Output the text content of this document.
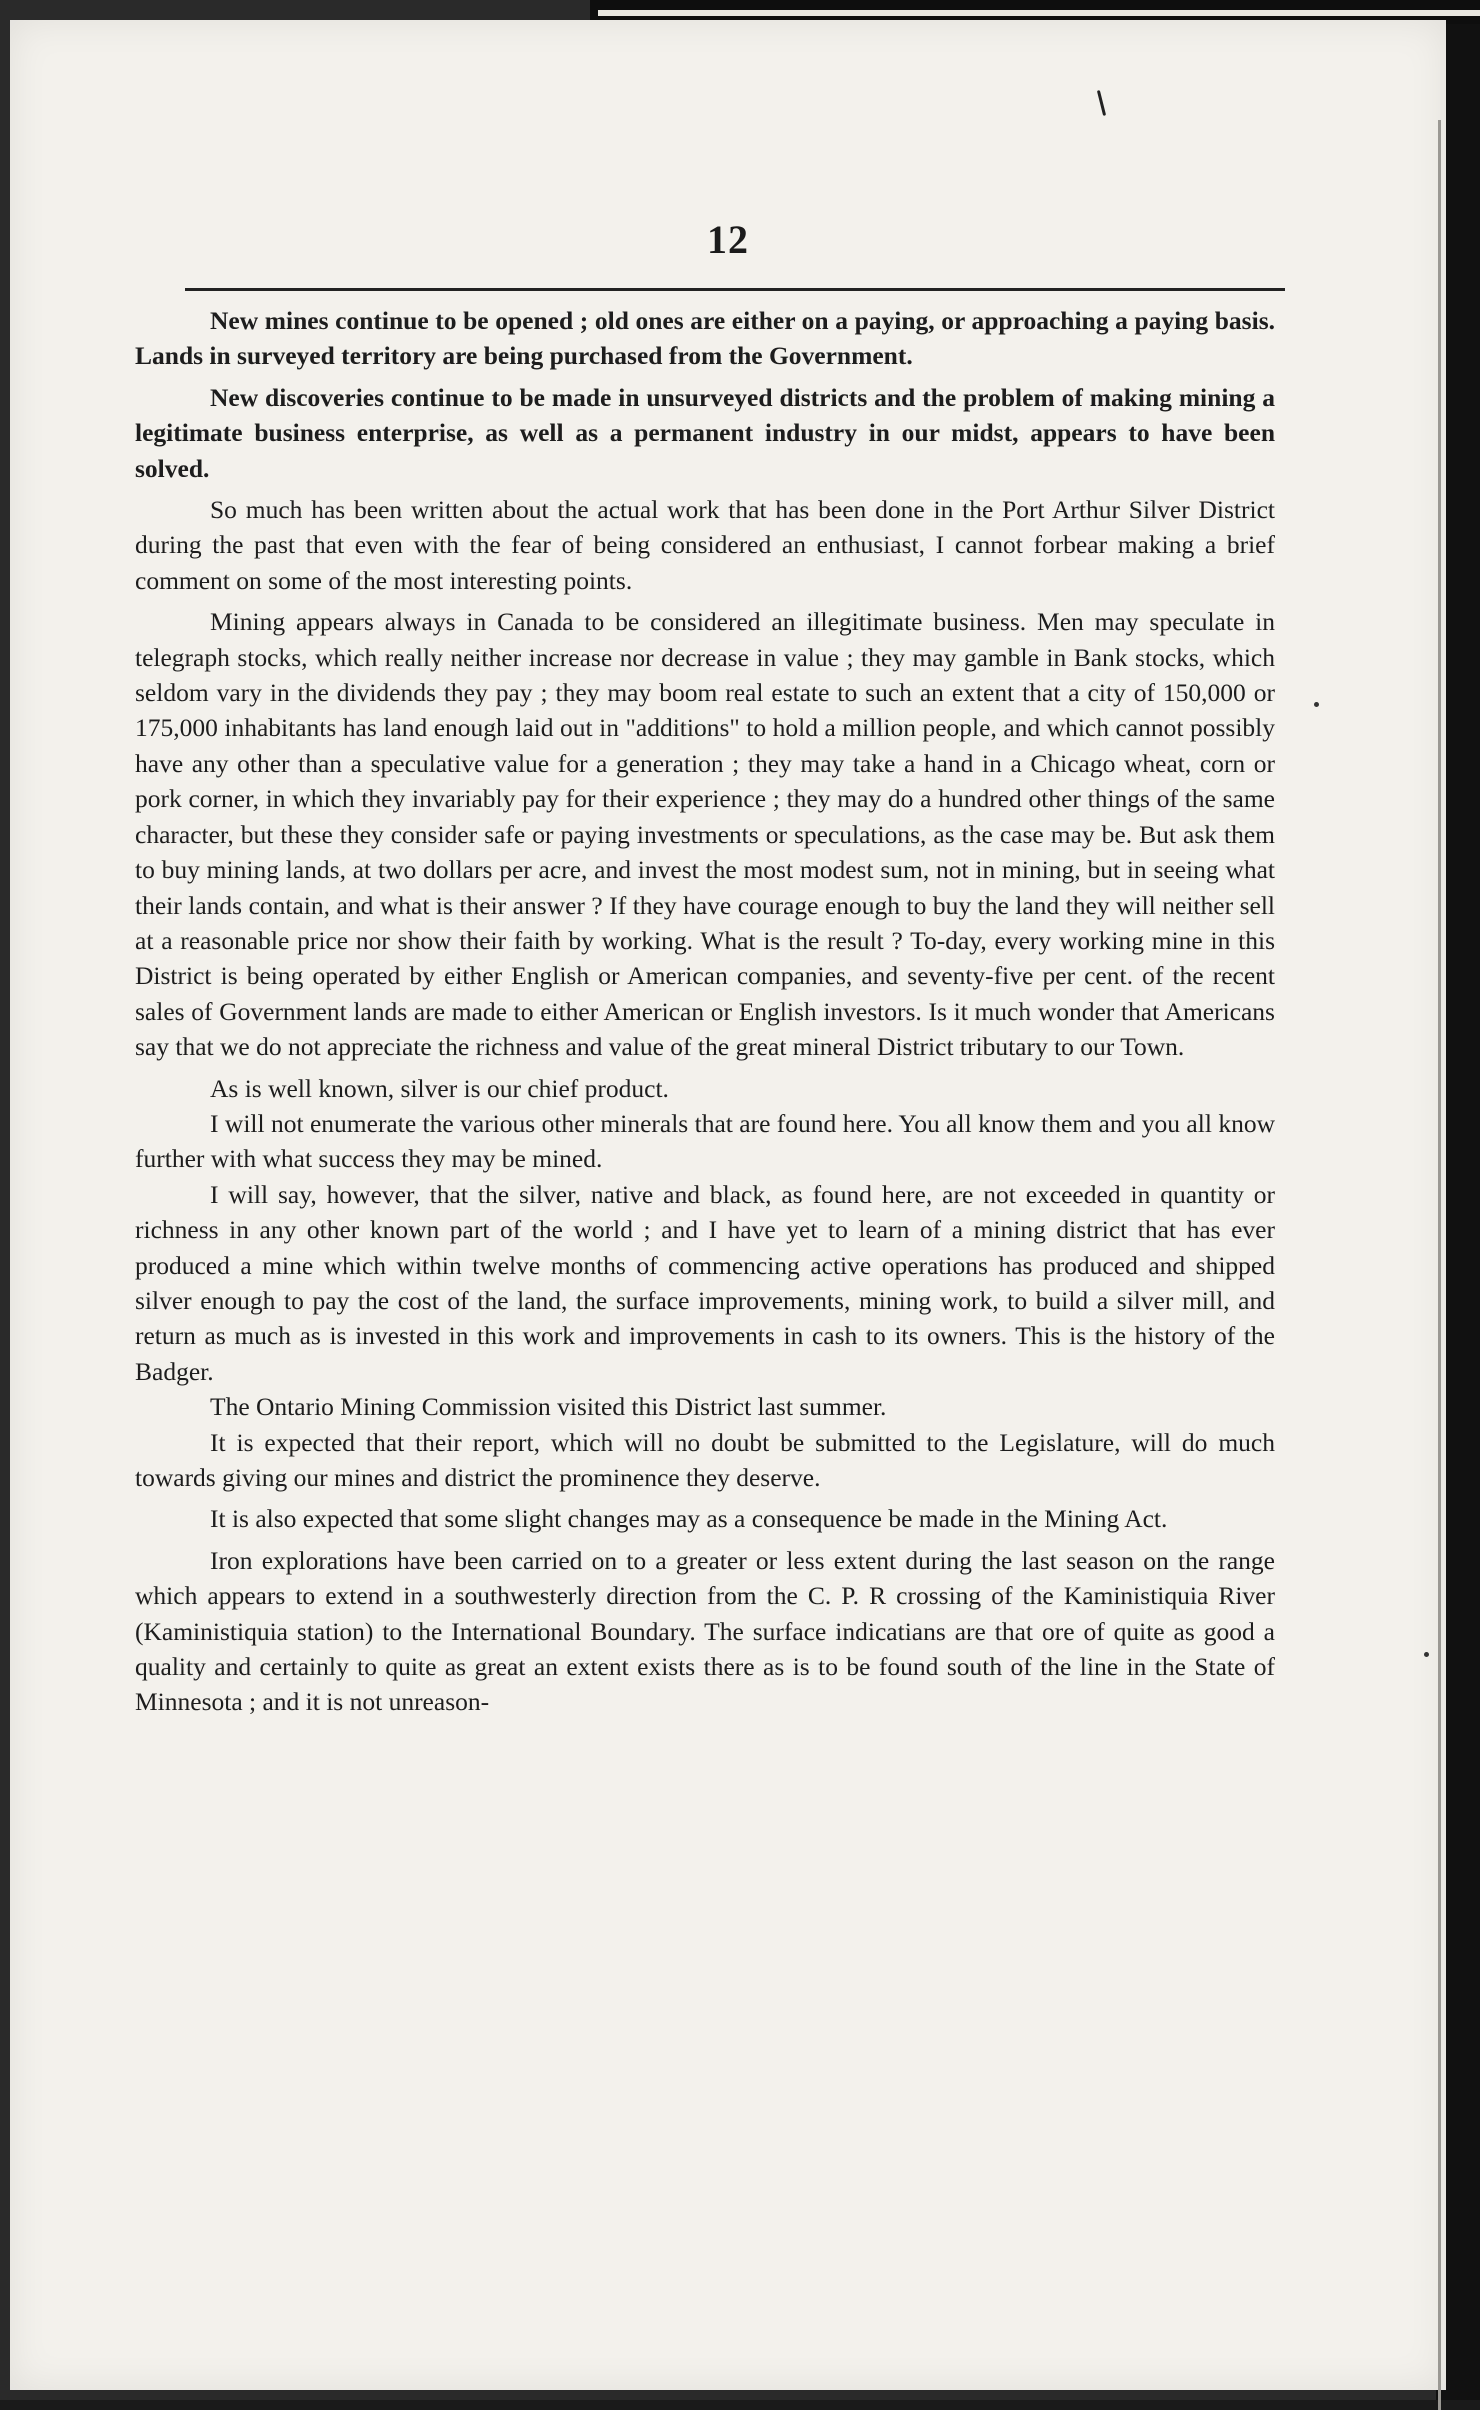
12

New mines continue to be opened ; old ones are either on a paying, or approaching a paying basis. Lands in surveyed territory are being purchased from the Government.

New discoveries continue to be made in unsurveyed districts and the problem of making mining a legitimate business enterprise, as well as a permanent industry in our midst, appears to have been solved.

So much has been written about the actual work that has been done in the Port Arthur Silver District during the past that even with the fear of being considered an enthusiast, I cannot forbear making a brief comment on some of the most interesting points.

Mining appears always in Canada to be considered an illegitimate business. Men may speculate in telegraph stocks, which really neither increase nor decrease in value ; they may gamble in Bank stocks, which seldom vary in the dividends they pay ; they may boom real estate to such an extent that a city of 150,000 or 175,000 inhabitants has land enough laid out in "additions" to hold a million people, and which cannot possibly have any other than a speculative value for a generation ; they may take a hand in a Chicago wheat, corn or pork corner, in which they invariably pay for their experience ; they may do a hundred other things of the same character, but these they consider safe or paying investments or speculations, as the case may be. But ask them to buy mining lands, at two dollars per acre, and invest the most modest sum, not in mining, but in seeing what their lands contain, and what is their answer ? If they have courage enough to buy the land they will neither sell at a reasonable price nor show their faith by working. What is the result ? To-day, every working mine in this District is being operated by either English or American companies, and seventy-five per cent. of the recent sales of Government lands are made to either American or English investors. Is it much wonder that Americans say that we do not appreciate the richness and value of the great mineral District tributary to our Town.

As is well known, silver is our chief product.

I will not enumerate the various other minerals that are found here. You all know them and you all know further with what success they may be mined.

I will say, however, that the silver, native and black, as found here, are not exceeded in quantity or richness in any other known part of the world ; and I have yet to learn of a mining district that has ever produced a mine which within twelve months of commencing active operations has produced and shipped silver enough to pay the cost of the land, the surface improvements, mining work, to build a silver mill, and return as much as is invested in this work and improvements in cash to its owners. This is the history of the Badger.

The Ontario Mining Commission visited this District last summer.

It is expected that their report, which will no doubt be submitted to the Legislature, will do much towards giving our mines and district the prominence they deserve.

It is also expected that some slight changes may as a consequence be made in the Mining Act.

Iron explorations have been carried on to a greater or less extent during the last season on the range which appears to extend in a southwesterly direction from the C. P. R crossing of the Kaministiquia River (Kaministiquia station) to the International Boundary. The surface indicatians are that ore of quite as good a quality and certainly to quite as great an extent exists there as is to be found south of the line in the State of Minnesota ; and it is not unreason-
